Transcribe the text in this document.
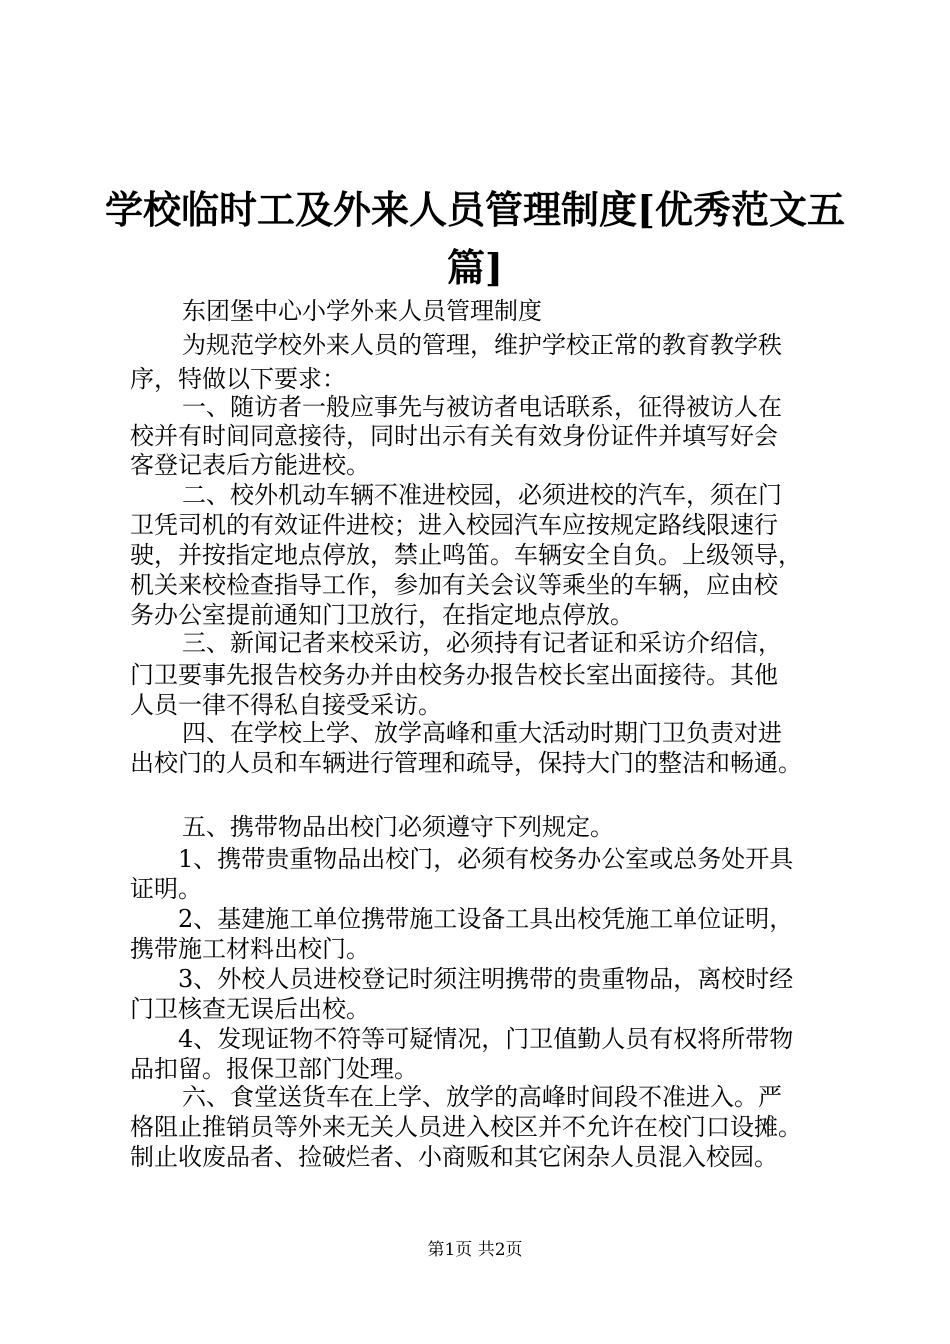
学校临时工及外来人员管理制度[优秀范文五
篇]
东团堡中心小学外来人员管理制度
为规范学校外来人员的管理，维护学校正常的教育教学秩
序，特做以下要求：
一、随访者一般应事先与被访者电话联系，征得被访人在
校并有时间同意接待，同时出示有关有效身份证件并填写好会
客登记表后方能进校。
二、校外机动车辆不准进校园，必须进校的汽车，须在门
卫凭司机的有效证件进校；进入校园汽车应按规定路线限速行
驶，并按指定地点停放，禁止鸣笛。车辆安全自负。上级领导，
机关来校检查指导工作，参加有关会议等乘坐的车辆，应由校
务办公室提前通知门卫放行，在指定地点停放。
三、新闻记者来校采访，必须持有记者证和采访介绍信，
门卫要事先报告校务办并由校务办报告校长室出面接待。其他
人员一律不得私自接受采访。
四、在学校上学、放学高峰和重大活动时期门卫负责对进
出校门的人员和车辆进行管理和疏导，保持大门的整洁和畅通。
五、携带物品出校门必须遵守下列规定。
1、携带贵重物品出校门，必须有校务办公室或总务处开具
证明。
2、基建施工单位携带施工设备工具出校凭施工单位证明，
携带施工材料出校门。
3、外校人员进校登记时须注明携带的贵重物品，离校时经
门卫核查无误后出校。
4、发现证物不符等可疑情况，门卫值勤人员有权将所带物
品扣留。报保卫部门处理。
六、食堂送货车在上学、放学的高峰时间段不准进入。严
格阻止推销员等外来无关人员进入校区并不允许在校门口设摊。
制止收废品者、捡破烂者、小商贩和其它闲杂人员混入校园。
第1页 共2页
